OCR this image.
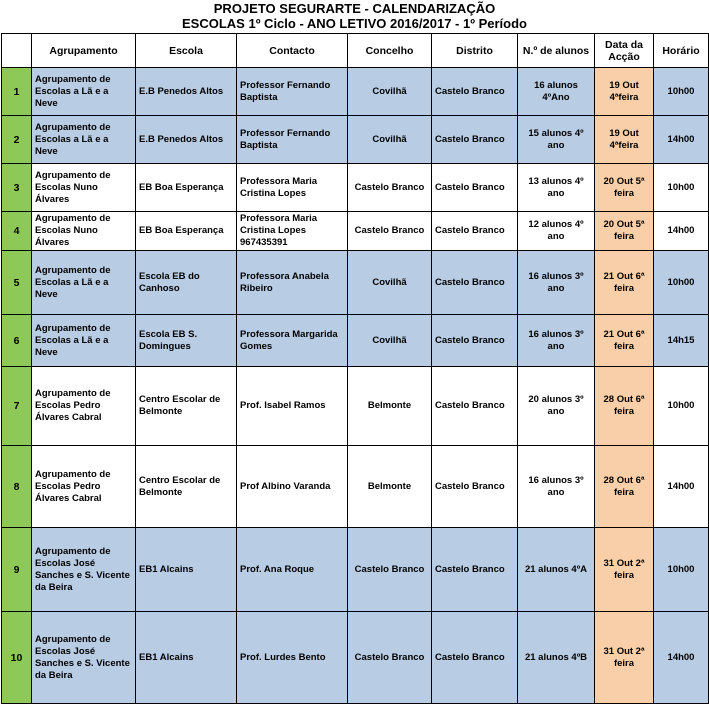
PROJETO SEGURARTE - CALENDARIZAÇÃO
ESCOLAS 1º Ciclo - ANO LETIVO 2016/2017 - 1º Período
	Agrupamento	Escola	Contacto	Concelho	Distrito	N.º de alunos	Data da Acção	Horário
1	Agrupamento de Escolas a Lã e a Neve	E.B Penedos Altos	Professor Fernando Baptista	Covilhã	Castelo Branco	16 alunos 4ºAno	19 Out 4ªfeira	10h00
2	Agrupamento de Escolas a Lã e a Neve	E.B Penedos Altos	Professor Fernando Baptista	Covilhã	Castelo Branco	15 alunos 4º ano	19 Out 4ªfeira	14h00
3	Agrupamento de Escolas Nuno Álvares	EB Boa Esperança	Professora Maria Cristina Lopes	Castelo Branco	Castelo Branco	13 alunos 4º ano	20 Out 5ª feira	10h00
4	Agrupamento de Escolas Nuno Álvares	EB Boa Esperança	Professora Maria Cristina Lopes 967435391	Castelo Branco	Castelo Branco	12 alunos 4º ano	20 Out 5ª feira	14h00
5	Agrupamento de Escolas a Lã e a Neve	Escola EB do Canhoso	Professora Anabela Ribeiro	Covilhã	Castelo Branco	16 alunos 3º ano	21 Out 6ª feira	10h00
6	Agrupamento de Escolas a Lã e a Neve	Escola EB S. Domingues	Professora Margarida Gomes	Covilhã	Castelo Branco	16 alunos 3º ano	21 Out 6ª feira	14h15
7	Agrupamento de Escolas Pedro Álvares Cabral	Centro Escolar de Belmonte	Prof. Isabel Ramos	Belmonte	Castelo Branco	20 alunos 3º ano	28 Out 6ª feira	10h00
8	Agrupamento de Escolas Pedro Álvares Cabral	Centro Escolar de Belmonte	Prof Albino Varanda	Belmonte	Castelo Branco	16 alunos 3º ano	28 Out 6ª feira	14h00
9	Agrupamento de Escolas José Sanches e S. Vicente da Beira	EB1 Alcains	Prof. Ana Roque	Castelo Branco	Castelo Branco	21 alunos 4ºA	31 Out 2ª feira	10h00
10	Agrupamento de Escolas José Sanches e S. Vicente da Beira	EB1 Alcains	Prof. Lurdes Bento	Castelo Branco	Castelo Branco	21 alunos 4ºB	31 Out 2ª feira	14h00
